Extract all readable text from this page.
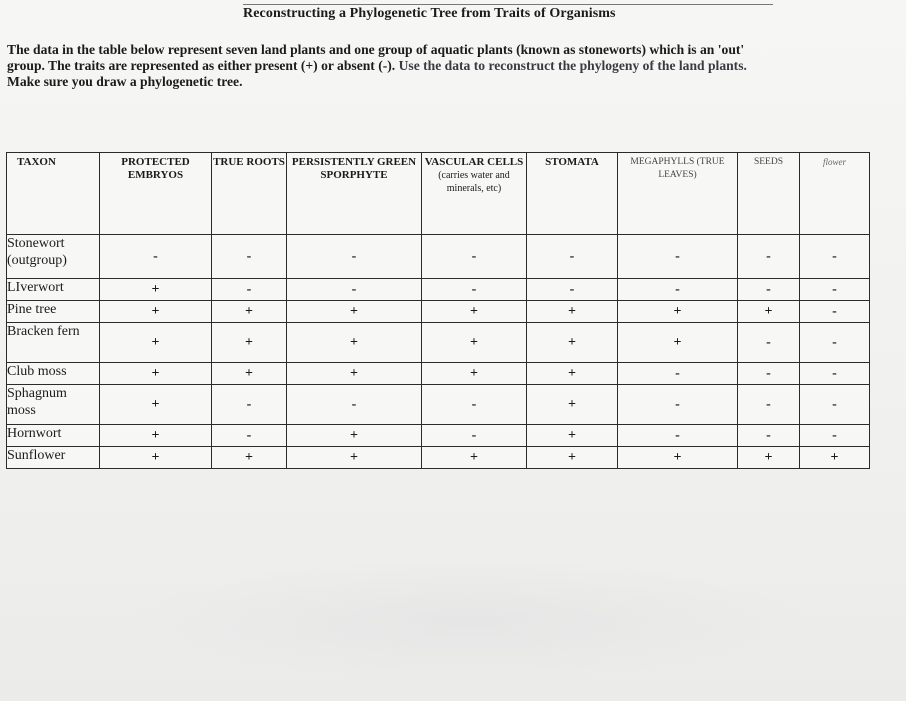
Reconstructing a Phylogenetic Tree from Traits of Organisms
The data in the table below represent seven land plants and one group of aquatic plants (known as stoneworts) which is an 'out'
group. The traits are represented as either present (+) or absent (-). Use the data to reconstruct the phylogeny of the land plants.
Make sure you draw a phylogenetic tree.
TAXON	PROTECTED EMBRYOS	TRUE ROOTS	PERSISTENTLY GREEN SPORPHYTE	VASCULAR CELLS
(carries water and minerals, etc)	STOMATA	MEGAPHYLLS (TRUE LEAVES)	SEEDS	flower
Stonewort (outgroup)	-	-	-	-	-	-	-	-
LIverwort	+	-	-	-	-	-	-	-
Pine tree	+	+	+	+	+	+	+	-
Bracken fern	+	+	+	+	+	+	-	-
Club moss	+	+	+	+	+	-	-	-
Sphagnum moss	+	-	-	-	+	-	-	-
Hornwort	+	-	+	-	+	-	-	-
Sunflower	+	+	+	+	+	+	+	+
